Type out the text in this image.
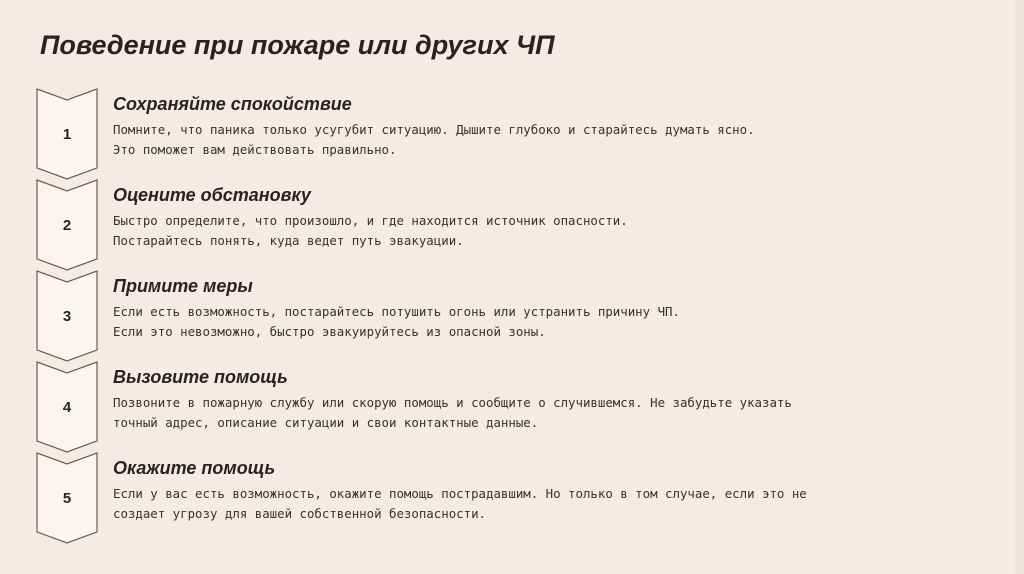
Поведение при пожаре или других ЧП
1
Сохраняйте спокойствие
Помните, что паника только усугубит ситуацию. Дышите глубоко и старайтесь думать ясно.
Это поможет вам действовать правильно.
2
Оцените обстановку
Быстро определите, что произошло, и где находится источник опасности.
Постарайтесь понять, куда ведет путь эвакуации.
3
Примите меры
Если есть возможность, постарайтесь потушить огонь или устранить причину ЧП.
Если это невозможно, быстро эвакуируйтесь из опасной зоны.
4
Вызовите помощь
Позвоните в пожарную службу или скорую помощь и сообщите о случившемся. Не забудьте указать
точный адрес, описание ситуации и свои контактные данные.
5
Окажите помощь
Если у вас есть возможность, окажите помощь пострадавшим. Но только в том случае, если это не
создает угрозу для вашей собственной безопасности.
